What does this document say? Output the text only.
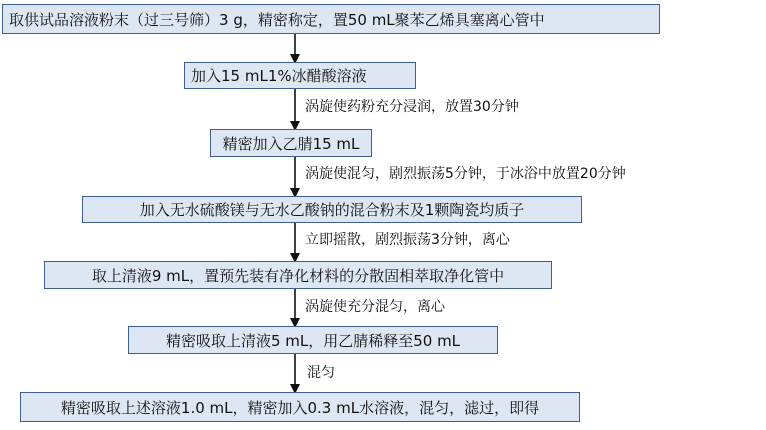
取供试品溶液粉末（过三号筛）3 g，精密称定，置50 mL聚苯乙烯具塞离心管中
涡旋使药粉充分浸润，放置30分钟
加入15 mL1%冰醋酸溶液
精密加入乙腈15 mL
涡旋使混匀，剧烈振荡5分钟，于冰浴中放置20分钟
加入无水硫酸镁与无水乙酸钠的混合粉末及1颗陶瓷均质子
立即摇散，剧烈振荡3分钟，离心
取上清液9 mL，置预先装有净化材料的分散固相萃取净化管中
涡旋使充分混匀，离心
精密吸取上清液5 mL，用乙腈稀释至50 mL
混匀
精密吸取上述溶液1.0 mL，精密加入0.3 mL水溶液，混匀，滤过，即得
